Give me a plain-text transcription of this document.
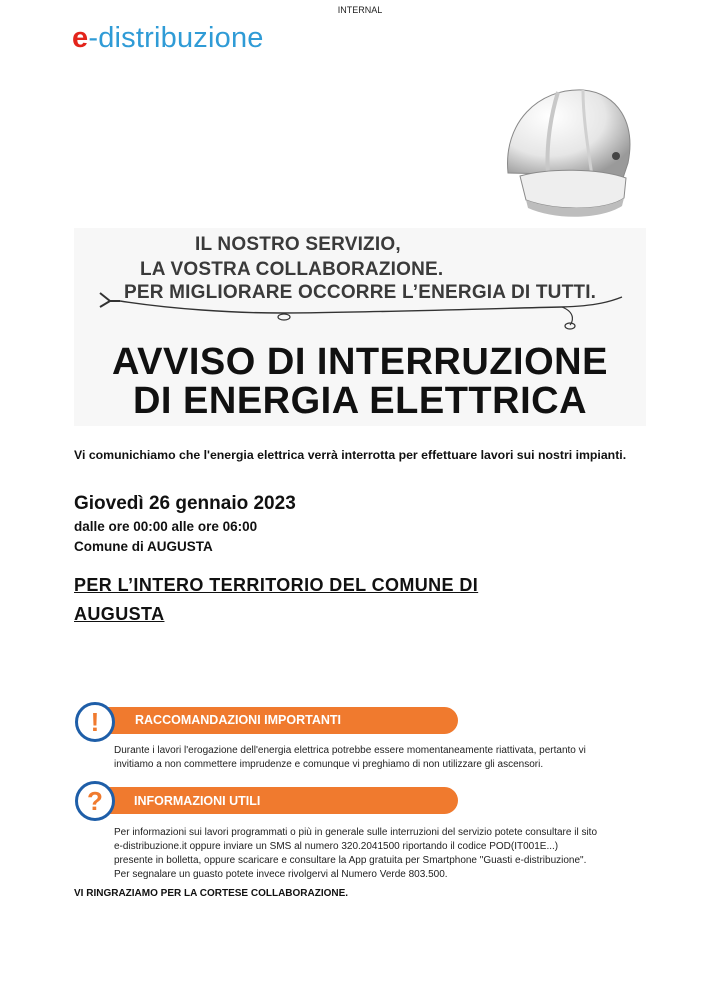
INTERNAL
e-distribuzione
IL NOSTRO SERVIZIO,
LA VOSTRA COLLABORAZIONE.
PER MIGLIORARE OCCORRE L’ENERGIA DI TUTTI.
AVVISO DI INTERRUZIONE
DI ENERGIA ELETTRICA
Vi comunichiamo che l'energia elettrica verrà interrotta per effettuare lavori sui nostri impianti.
Giovedì 26 gennaio 2023
dalle ore 00:00 alle ore 06:00
Comune di AUGUSTA
PER L’INTERO TERRITORIO DEL COMUNE DI
AUGUSTA
!	RACCOMANDAZIONI IMPORTANTI
Durante i lavori l'erogazione dell'energia elettrica potrebbe essere momentaneamente riattivata, pertanto vi
invitiamo a non commettere imprudenze e comunque vi preghiamo di non utilizzare gli ascensori.
?	INFORMAZIONI UTILI
Per informazioni sui lavori programmati o più in generale sulle interruzioni del servizio potete consultare il sito
e-distribuzione.it oppure inviare un SMS al numero 320.2041500 riportando il codice POD(IT001E...)
presente in bolletta, oppure scaricare e consultare la App gratuita per Smartphone "Guasti e-distribuzione".
Per segnalare un guasto potete invece rivolgervi al Numero Verde 803.500.
VI RINGRAZIAMO PER LA CORTESE COLLABORAZIONE.
